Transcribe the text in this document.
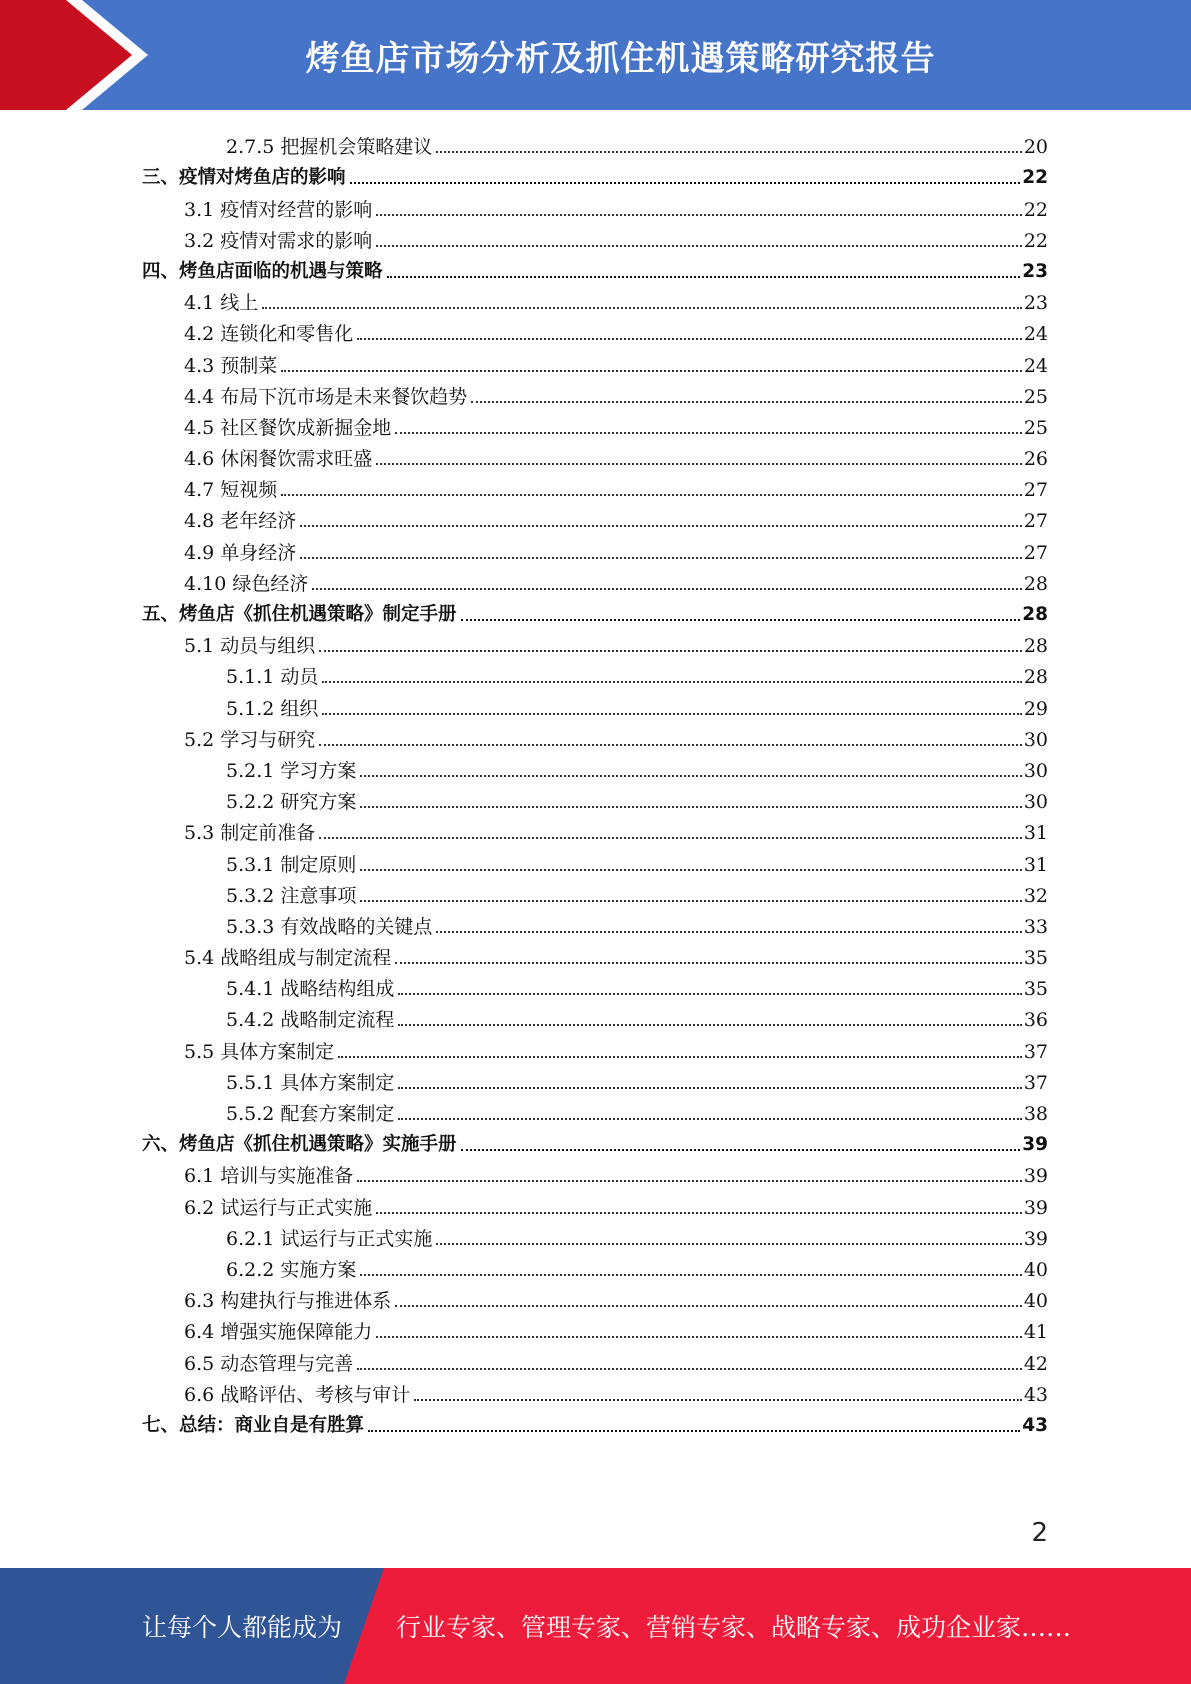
烤鱼店市场分析及抓住机遇策略研究报告
2.7.5 把握机会策略建议	20
三、疫情对烤鱼店的影响	22
3.1 疫情对经营的影响	22
3.2 疫情对需求的影响	22
四、烤鱼店面临的机遇与策略	23
4.1 线上	23
4.2 连锁化和零售化	24
4.3 预制菜	24
4.4 布局下沉市场是未来餐饮趋势	25
4.5 社区餐饮成新掘金地	25
4.6 休闲餐饮需求旺盛	26
4.7 短视频	27
4.8 老年经济	27
4.9 单身经济	27
4.10 绿色经济	28
五、烤鱼店《抓住机遇策略》制定手册	28
5.1 动员与组织	28
5.1.1 动员	28
5.1.2 组织	29
5.2 学习与研究	30
5.2.1 学习方案	30
5.2.2 研究方案	30
5.3 制定前准备	31
5.3.1 制定原则	31
5.3.2 注意事项	32
5.3.3 有效战略的关键点	33
5.4 战略组成与制定流程	35
5.4.1 战略结构组成	35
5.4.2 战略制定流程	36
5.5 具体方案制定	37
5.5.1 具体方案制定	37
5.5.2 配套方案制定	38
六、烤鱼店《抓住机遇策略》实施手册	39
6.1 培训与实施准备	39
6.2 试运行与正式实施	39
6.2.1 试运行与正式实施	39
6.2.2 实施方案	40
6.3 构建执行与推进体系	40
6.4 增强实施保障能力	41
6.5 动态管理与完善	42
6.6 战略评估、考核与审计	43
七、总结：商业自是有胜算	43
2
让每个人都能成为 行业专家、管理专家、营销专家、战略专家、成功企业家……
